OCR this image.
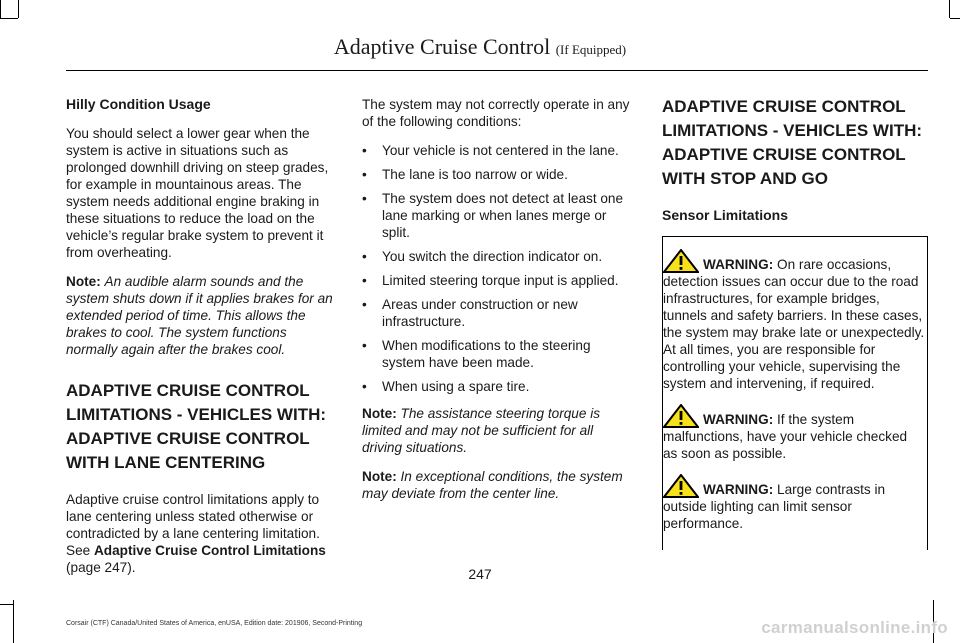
Adaptive Cruise Control (If Equipped)
Hilly Condition Usage

You should select a lower gear when the system is active in situations such as prolonged downhill driving on steep grades, for example in mountainous areas. The system needs additional engine braking in these situations to reduce the load on the vehicle’s regular brake system to prevent it from overheating.

Note: An audible alarm sounds and the system shuts down if it applies brakes for an extended period of time. This allows the brakes to cool. The system functions normally again after the brakes cool.

ADAPTIVE CRUISE CONTROL
LIMITATIONS - VEHICLES WITH:
ADAPTIVE CRUISE CONTROL
WITH LANE CENTERING

Adaptive cruise control limitations apply to lane centering unless stated otherwise or contradicted by a lane centering limitation. See Adaptive Cruise Control Limitations (page 247).

The system may not correctly operate in any of the following conditions:

• Your vehicle is not centered in the lane.
• The lane is too narrow or wide.
• The system does not detect at least one lane marking or when lanes merge or split.
• You switch the direction indicator on.
• Limited steering torque input is applied.
• Areas under construction or new infrastructure.
• When modifications to the steering system have been made.
• When using a spare tire.

Note: The assistance steering torque is limited and may not be sufficient for all driving situations.

Note: In exceptional conditions, the system may deviate from the center line.

ADAPTIVE CRUISE CONTROL
LIMITATIONS - VEHICLES WITH:
ADAPTIVE CRUISE CONTROL
WITH STOP AND GO
Sensor Limitations

WARNING: On rare occasions, detection issues can occur due to the road infrastructures, for example bridges, tunnels and safety barriers. In these cases, the system may brake late or unexpectedly. At all times, you are responsible for controlling your vehicle, supervising the system and intervening, if required.

WARNING: If the system malfunctions, have your vehicle checked as soon as possible.

WARNING: Large contrasts in outside lighting can limit sensor performance.

247
Corsair (CTF) Canada/United States of America, enUSA, Edition date: 201906, Second-Printing	carmanualsonline.info
